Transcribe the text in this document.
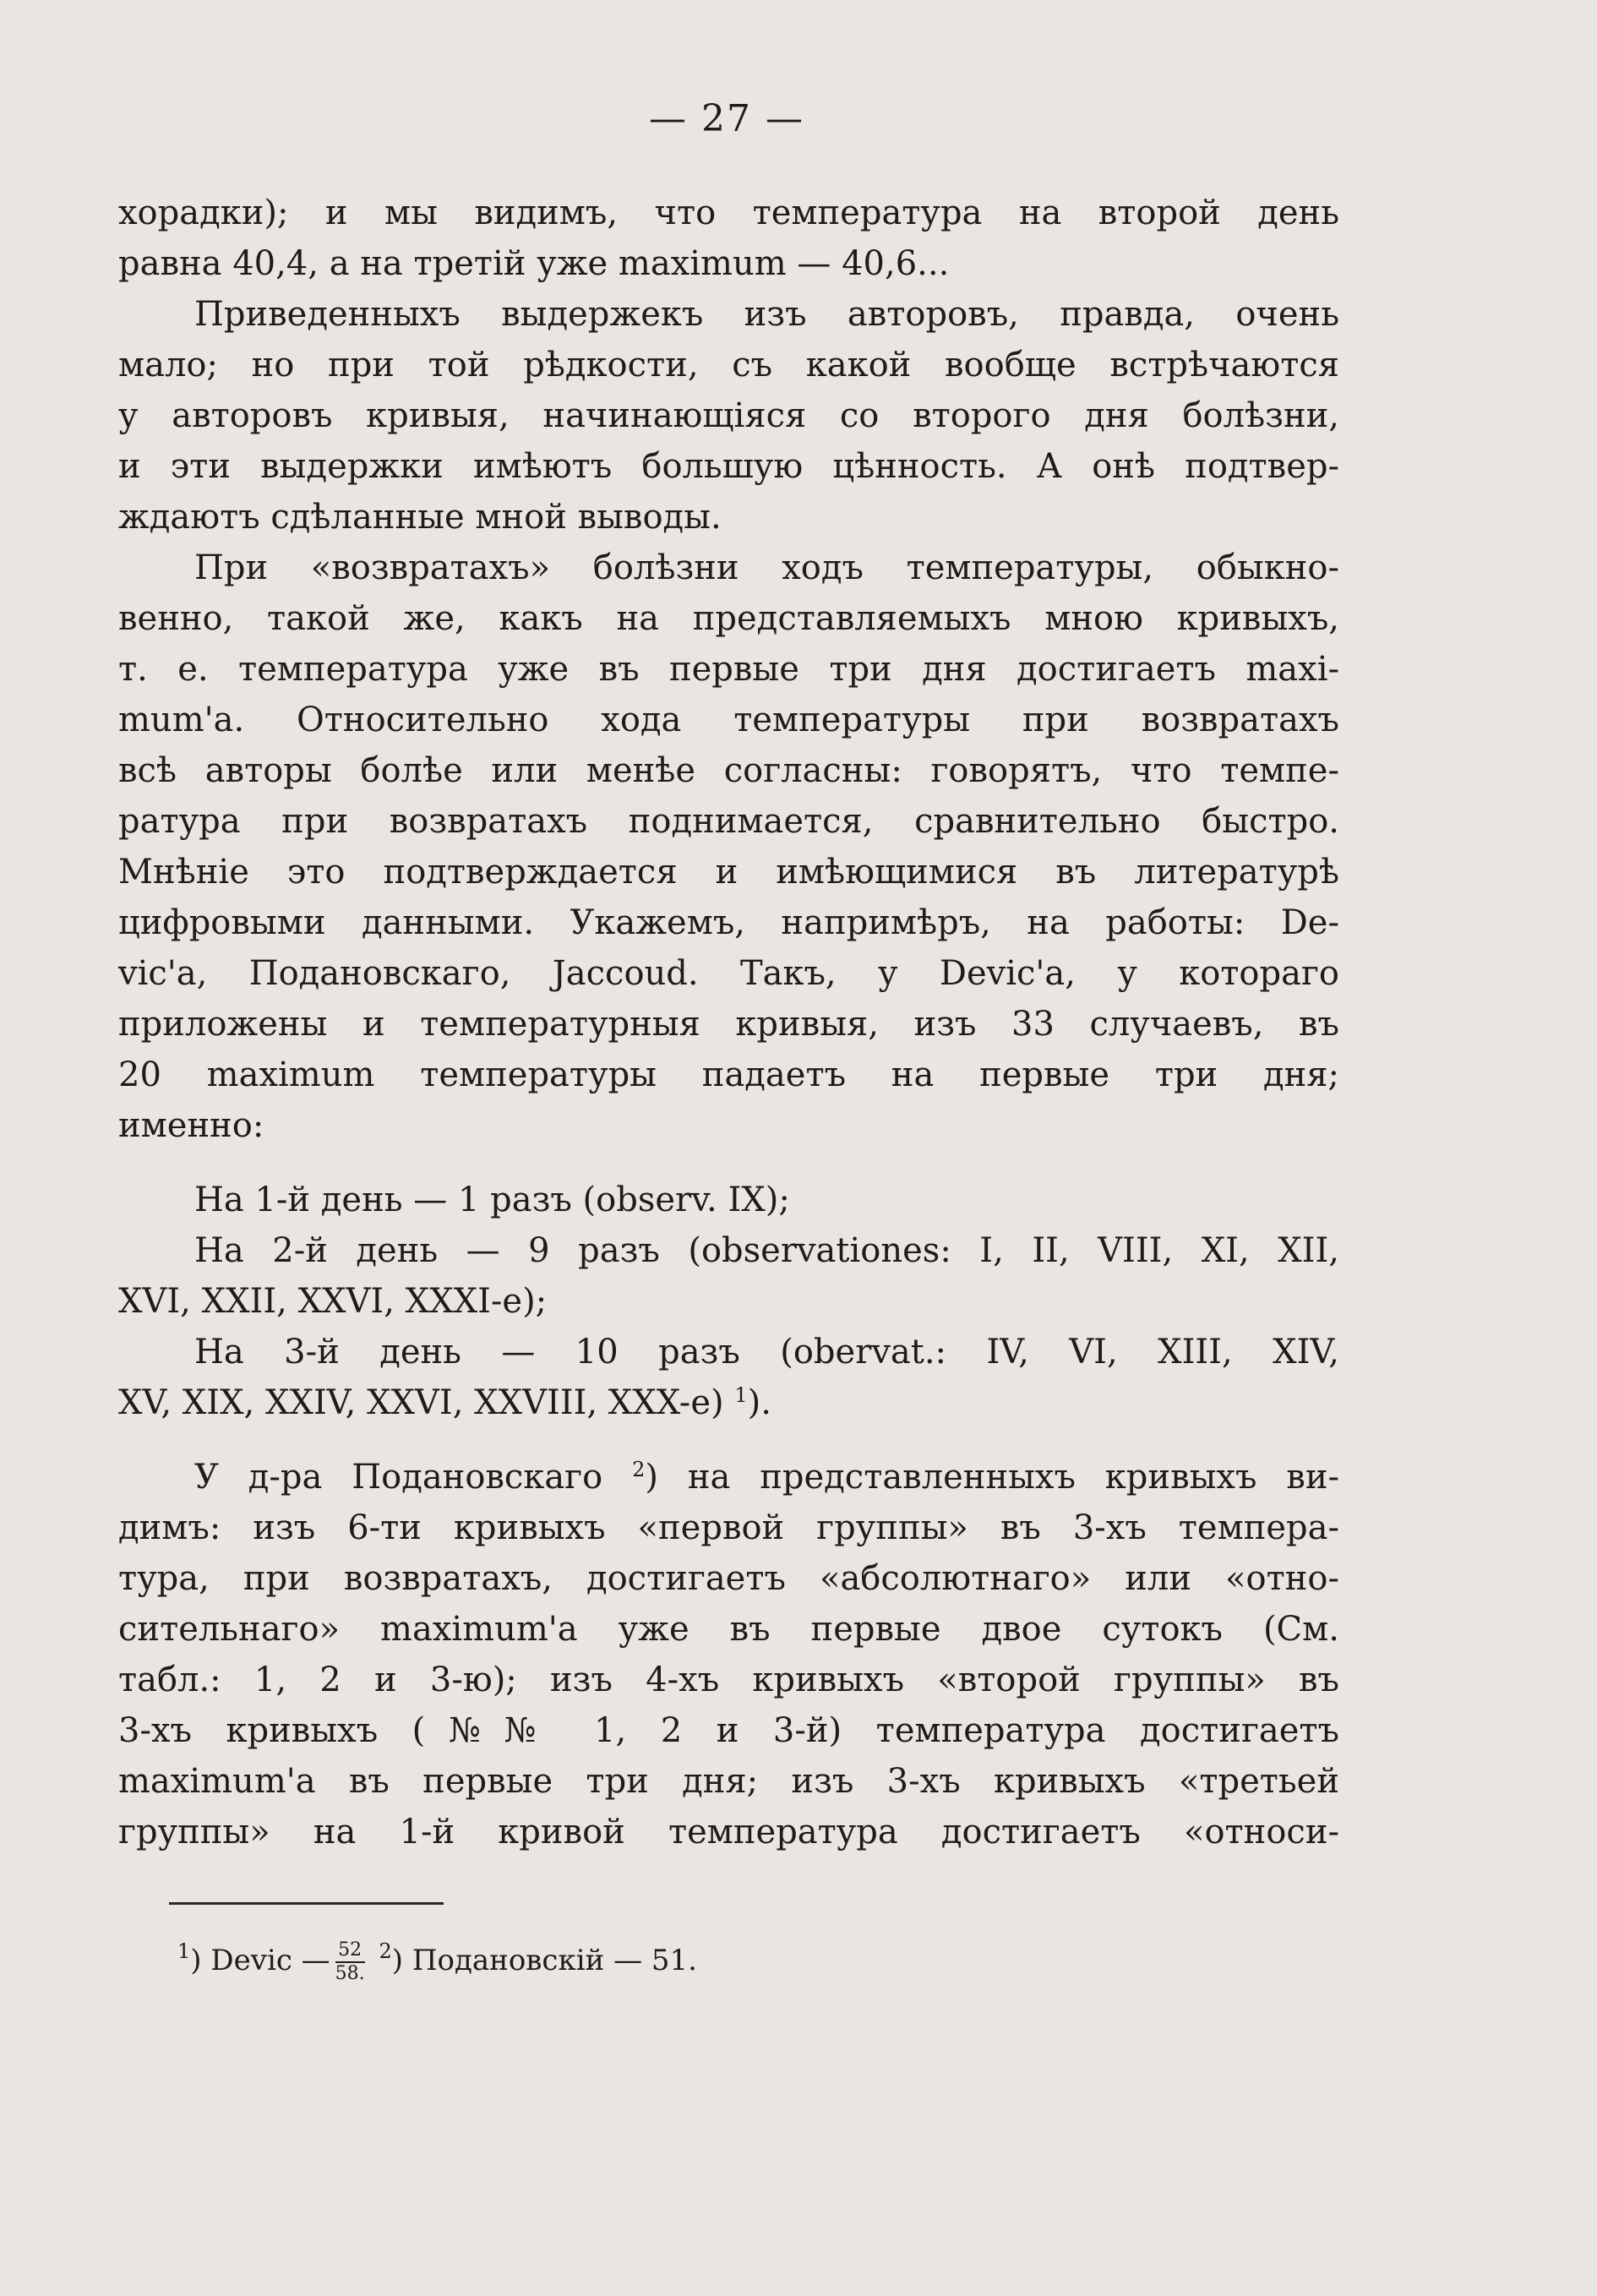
— 27 —
хорадки); и мы видимъ, что температура на второй день
равна 40,4, а на третій уже maximum — 40,6...
Приведенныхъ выдержекъ изъ авторовъ, правда, очень
мало; но при той рѣдкости, съ какой вообще встрѣчаются
у авторовъ кривыя, начинающіяся со второго дня болѣзни,
и эти выдержки имѣютъ большую цѣнность. А онѣ подтвер-
ждаютъ сдѣланные мной выводы.
При «возвратахъ» болѣзни ходъ температуры, обыкно-
венно, такой же, какъ на представляемыхъ мною кривыхъ,
т. е. температура уже въ первые три дня достигаетъ maxi-
mum'a. Относительно хода температуры при возвратахъ
всѣ авторы болѣе или менѣе согласны: говорятъ, что темпе-
ратура при возвратахъ поднимается, сравнительно быстро.
Мнѣніе это подтверждается и имѣющимися въ литературѣ
цифровыми данными. Укажемъ, напримѣръ, на работы: De-
vic'a, Подановскаго, Jaccoud. Такъ, у Devic'a, у котораго
приложены и температурныя кривыя, изъ 33 случаевъ, въ
20 maximum температуры падаетъ на первые три дня;
именно:
На 1-й день — 1 разъ (observ. IX);
На 2-й день — 9 разъ (observationes: I, II, VIII, XI, XII,
XVI, XXII, XXVI, XXXI-е);
На 3-й день — 10 разъ (obervat.: IV, VI, XIII, XIV,
XV, XIX, XXIV, XXVI, XXVIII, XXX-е) $^1$).
У д-ра Подановскаго $^2$) на представленныхъ кривыхъ ви-
димъ: изъ 6-ти кривыхъ «первой группы» въ 3-хъ темпера-
тура, при возвратахъ, достигаетъ «абсолютнаго» или «отно-
сительнаго» maximum'a уже въ первые двое сутокъ (См.
табл.: 1, 2 и 3-ю); изъ 4-хъ кривыхъ «второй группы» въ
3-хъ кривыхъ (№№ 1, 2 и 3-й) температура достигаетъ
maximum'a въ первые три дня; изъ 3-хъ кривыхъ «третьей
группы» на 1-й кривой температура достигаетъ «относи-
$^1$) Devic — $\frac{52}{58.} ^2$) Подановскій — 51.
